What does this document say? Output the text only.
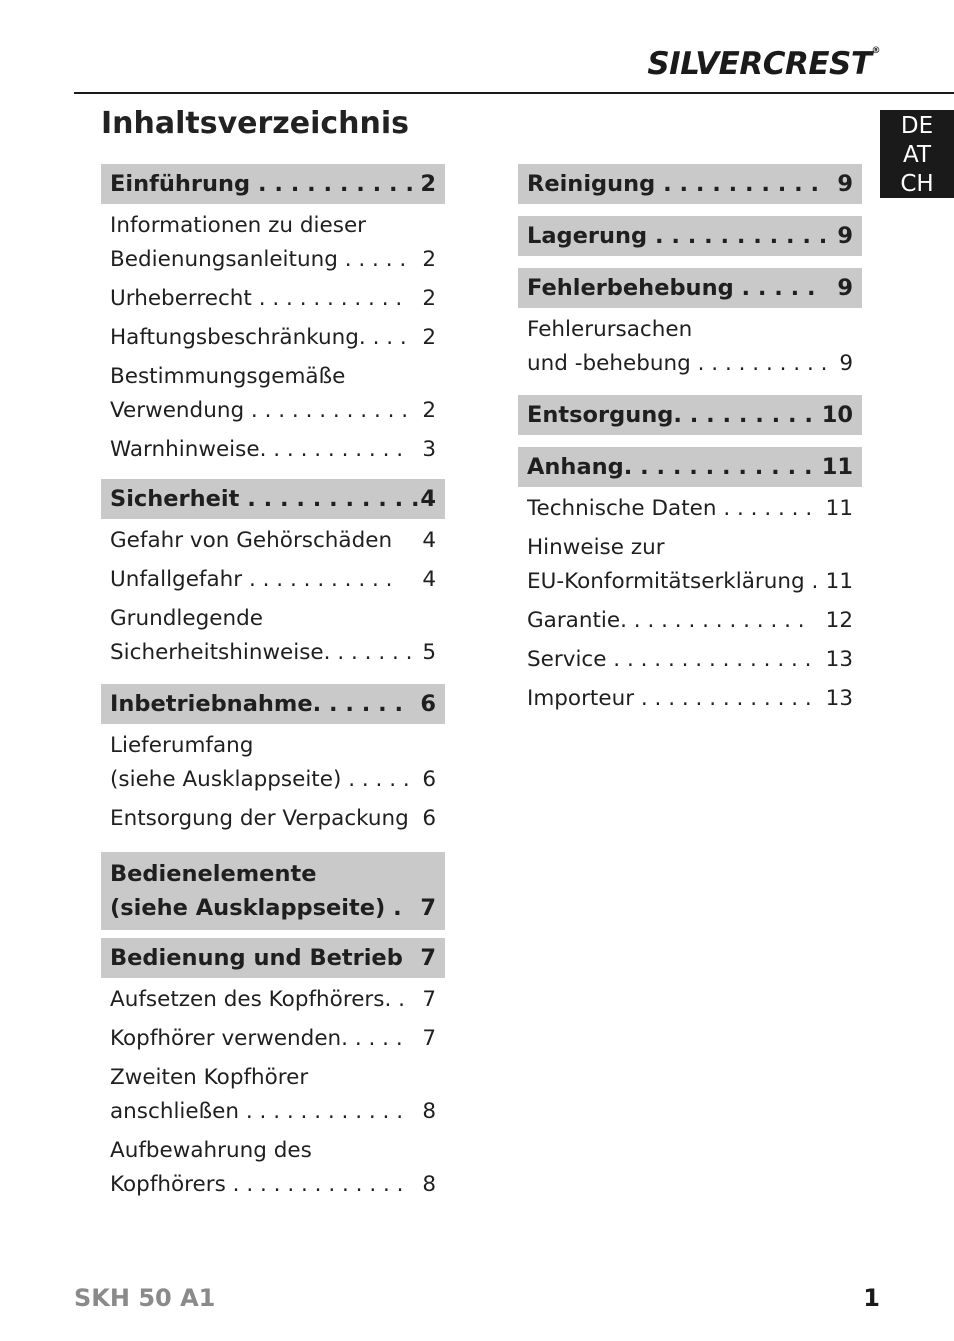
SILVERCREST®
Inhaltsverzeichnis	DE
AT
CH
Einführung . . . . . . . . . . 2
Informationen zu dieser
Bedienungsanleitung . . . . . 2
Urheberrecht . . . . . . . . . . . 2
Haftungsbeschränkung. . . . 2
Bestimmungsgemäße
Verwendung . . . . . . . . . . . . 2
Warnhinweise. . . . . . . . . . . 3
Sicherheit . . . . . . . . . . . 4
Gefahr von Gehörschäden	4
Unfallgefahr . . . . . . . . . . .	4
Grundlegende
Sicherheitshinweise. . . . . . . 5
Inbetriebnahme. . . . . . 6
Lieferumfang
(siehe Ausklappseite) . . . . . 6
Entsorgung der Verpackung 6
Bedienelemente
(siehe Ausklappseite) . 7
Bedienung und Betrieb 7
Aufsetzen des Kopfhörers. . 7
Kopfhörer verwenden. . . . . 7
Zweiten Kopfhörer
anschließen . . . . . . . . . . . . 8
Aufbewahrung des
Kopfhörers . . . . . . . . . . . . . 8
Reinigung . . . . . . . . . . 9
Lagerung . . . . . . . . . . . 9
Fehlerbehebung . . . . . 9
Fehlerursachen
und -behebung . . . . . . . . . . 9
Entsorgung. . . . . . . . . 10
Anhang. . . . . . . . . . . . 11
Technische Daten . . . . . . . 11
Hinweise zur
EU-Konformitätserklärung . 11
Garantie. . . . . . . . . . . . . . 12
Service . . . . . . . . . . . . . . . 13
Importeur . . . . . . . . . . . . . 13
SKH 50 A1	1
